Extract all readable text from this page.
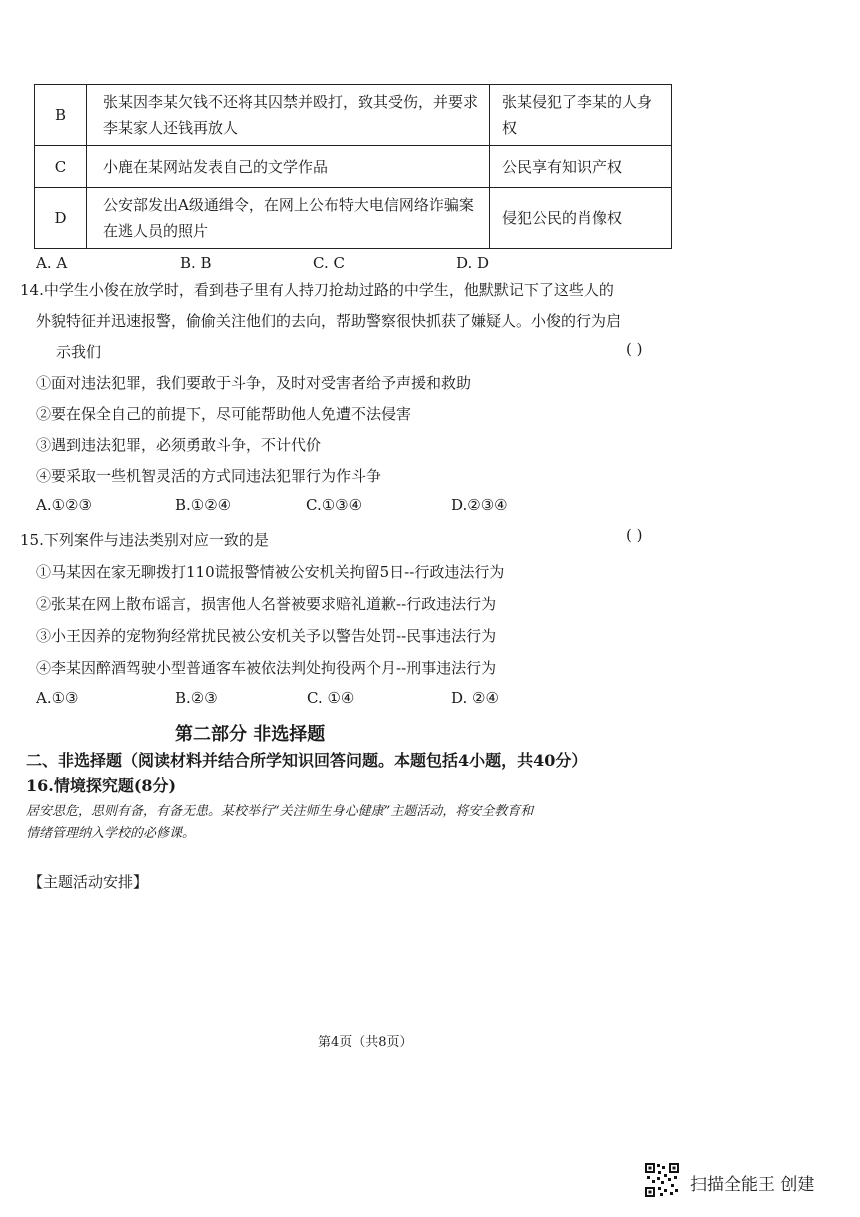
B	张某因李某欠钱不还将其囚禁并殴打，致其受伤，并要求李某家人还钱再放人	张某侵犯了李某的人身权
C	小鹿在某网站发表自己的文学作品	公民享有知识产权
D	公安部发出A级通缉令，在网上公布特大电信网络诈骗案在逃人员的照片	侵犯公民的肖像权
A. A	B. B	C. C	D. D
14.中学生小俊在放学时，看到巷子里有人持刀抢劫过路的中学生，他默默记下了这些人的
外貌特征并迅速报警，偷偷关注他们的去向，帮助警察很快抓获了嫌疑人。小俊的行为启
示我们	( )
①面对违法犯罪，我们要敢于斗争，及时对受害者给予声援和救助
②要在保全自己的前提下，尽可能帮助他人免遭不法侵害
③遇到违法犯罪，必须勇敢斗争，不计代价
④要采取一些机智灵活的方式同违法犯罪行为作斗争
A.①②③	B.①②④	C.①③④	D.②③④
15.下列案件与违法类别对应一致的是	( )
①马某因在家无聊拨打110谎报警情被公安机关拘留5日--行政违法行为
②张某在网上散布谣言，损害他人名誉被要求赔礼道歉--行政违法行为
③小王因养的宠物狗经常扰民被公安机关予以警告处罚--民事违法行为
④李某因醉酒驾驶小型普通客车被依法判处拘役两个月--刑事违法行为
A.①③	B.②③	C. ①④	D. ②④
第二部分 非选择题
二、非选择题（阅读材料并结合所学知识回答问题。本题包括4小题，共40分）
16.情境探究题(8分)
居安思危，思则有备，有备无患。某校举行“关注师生身心健康”主题活动，将安全教育和
情绪管理纳入学校的必修课。
【主题活动安排】
第4页（共8页）
扫描全能王 创建
